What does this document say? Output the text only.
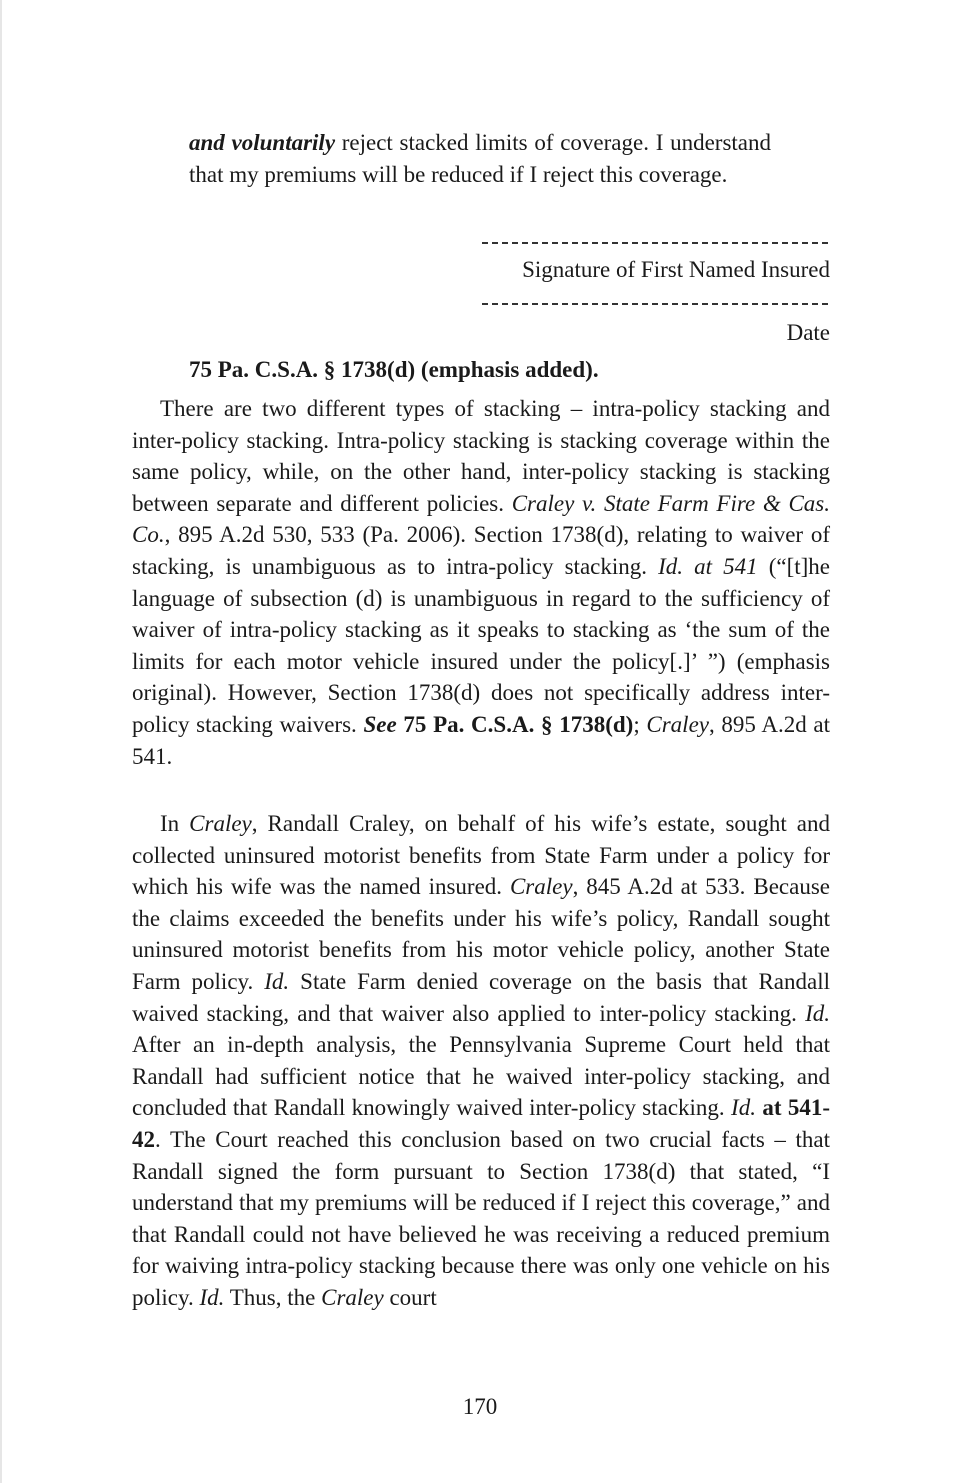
and voluntarily reject stacked limits of coverage. I understand that my premiums will be reduced if I reject this coverage.
Signature of First Named Insured
Date
75 Pa. C.S.A. § 1738(d) (emphasis added).

There are two different types of stacking – intra-policy stacking and inter-policy stacking. Intra-policy stacking is stacking coverage within the same policy, while, on the other hand, inter-policy stacking is stacking between separate and different policies. Craley v. State Farm Fire & Cas. Co., 895 A.2d 530, 533 (Pa. 2006). Section 1738(d), relating to waiver of stacking, is unambiguous as to intra-policy stacking. Id. at 541 (“[t]he language of subsection (d) is unambiguous in regard to the sufficiency of waiver of intra-policy stacking as it speaks to stacking as ‘the sum of the limits for each motor vehicle insured under the policy[.]’ ”) (emphasis original). However, Section 1738(d) does not specifically address inter-policy stacking waivers. See 75 Pa. C.S.A. § 1738(d); Craley, 895 A.2d at 541.

In Craley, Randall Craley, on behalf of his wife’s estate, sought and collected uninsured motorist benefits from State Farm under a policy for which his wife was the named insured. Craley, 845 A.2d at 533. Because the claims exceeded the benefits under his wife’s policy, Randall sought uninsured motorist benefits from his motor vehicle policy, another State Farm policy. Id. State Farm denied coverage on the basis that Randall waived stacking, and that waiver also applied to inter-policy stacking. Id. After an in-depth analysis, the Pennsylvania Supreme Court held that Randall had sufficient notice that he waived inter-policy stacking, and concluded that Randall knowingly waived inter-policy stacking. Id. at 541-42. The Court reached this conclusion based on two crucial facts – that Randall signed the form pursuant to Section 1738(d) that stated, “I understand that my premiums will be reduced if I reject this coverage,” and that Randall could not have believed he was receiving a reduced premium for waiving intra-policy stacking because there was only one vehicle on his policy. Id. Thus, the Craley court

170
